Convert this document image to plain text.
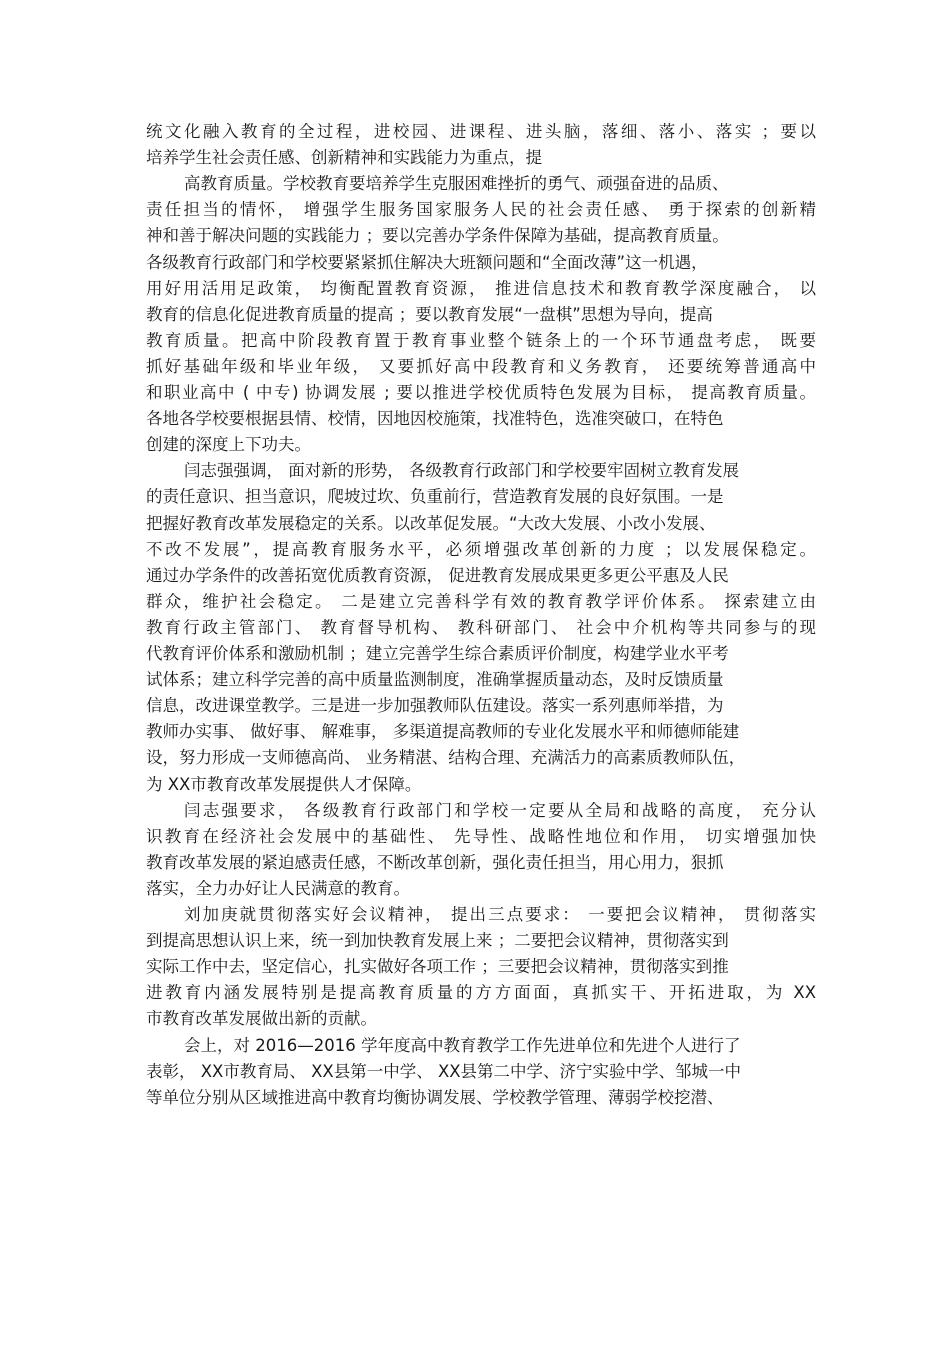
统文化融入教育的全过程，进校园、进课程、进头脑，落细、落小、落实 ；要以
培养学生社会责任感、创新精神和实践能力为重点，提
高教育质量。学校教育要培养学生克服困难挫折的勇气、顽强奋进的品质、
责任担当的情怀， 增强学生服务国家服务人民的社会责任感、 勇于探索的创新精
神和善于解决问题的实践能力 ；要以完善办学条件保障为基础，提高教育质量。
各级教育行政部门和学校要紧紧抓住解决大班额问题和“全面改薄”这一机遇，
用好用活用足政策， 均衡配置教育资源， 推进信息技术和教育教学深度融合， 以
教育的信息化促进教育质量的提高 ；要以教育发展“一盘棋”思想为导向，提高
教育质量。把高中阶段教育置于教育事业整个链条上的一个环节通盘考虑， 既要
抓好基础年级和毕业年级， 又要抓好高中段教育和义务教育， 还要统筹普通高中
和职业高中 ( 中专) 协调发展 ; 要以推进学校优质特色发展为目标， 提高教育质量。
各地各学校要根据县情、校情，因地因校施策，找准特色，选准突破口，在特色
创建的深度上下功夫。
闫志强强调， 面对新的形势， 各级教育行政部门和学校要牢固树立教育发展
的责任意识、担当意识，爬坡过坎、负重前行，营造教育发展的良好氛围。一是
把握好教育改革发展稳定的关系。以改革促发展。“大改大发展、小改小发展、
不改不发展”，提高教育服务水平，必须增强改革创新的力度 ；以发展保稳定。
通过办学条件的改善拓宽优质教育资源， 促进教育发展成果更多更公平惠及人民
群众，维护社会稳定。 二是建立完善科学有效的教育教学评价体系。 探索建立由
教育行政主管部门、 教育督导机构、 教科研部门、 社会中介机构等共同参与的现
代教育评价体系和激励机制 ；建立完善学生综合素质评价制度，构建学业水平考
试体系；建立科学完善的高中质量监测制度，准确掌握质量动态，及时反馈质量
信息，改进课堂教学。三是进一步加强教师队伍建设。落实一系列惠师举措，为
教师办实事、 做好事、 解难事， 多渠道提高教师的专业化发展水平和师德师能建
设，努力形成一支师德高尚、 业务精湛、结构合理、充满活力的高素质教师队伍，
为 XX市教育改革发展提供人才保障。
闫志强要求， 各级教育行政部门和学校一定要从全局和战略的高度， 充分认
识教育在经济社会发展中的基础性、 先导性、战略性地位和作用， 切实增强加快
教育改革发展的紧迫感责任感，不断改革创新，强化责任担当，用心用力，狠抓
落实，全力办好让人民满意的教育。
刘加庚就贯彻落实好会议精神， 提出三点要求： 一要把会议精神， 贯彻落实
到提高思想认识上来，统一到加快教育发展上来 ；二要把会议精神，贯彻落实到
实际工作中去，坚定信心，扎实做好各项工作 ；三要把会议精神，贯彻落实到推
进教育内涵发展特别是提高教育质量的方方面面，真抓实干、开拓进取，为 XX
市教育改革发展做出新的贡献。
会上，对 2016—2016 学年度高中教育教学工作先进单位和先进个人进行了
表彰， XX市教育局、 XX县第一中学、 XX县第二中学、济宁实验中学、邹城一中
等单位分别从区域推进高中教育均衡协调发展、学校教学管理、薄弱学校挖潜、
